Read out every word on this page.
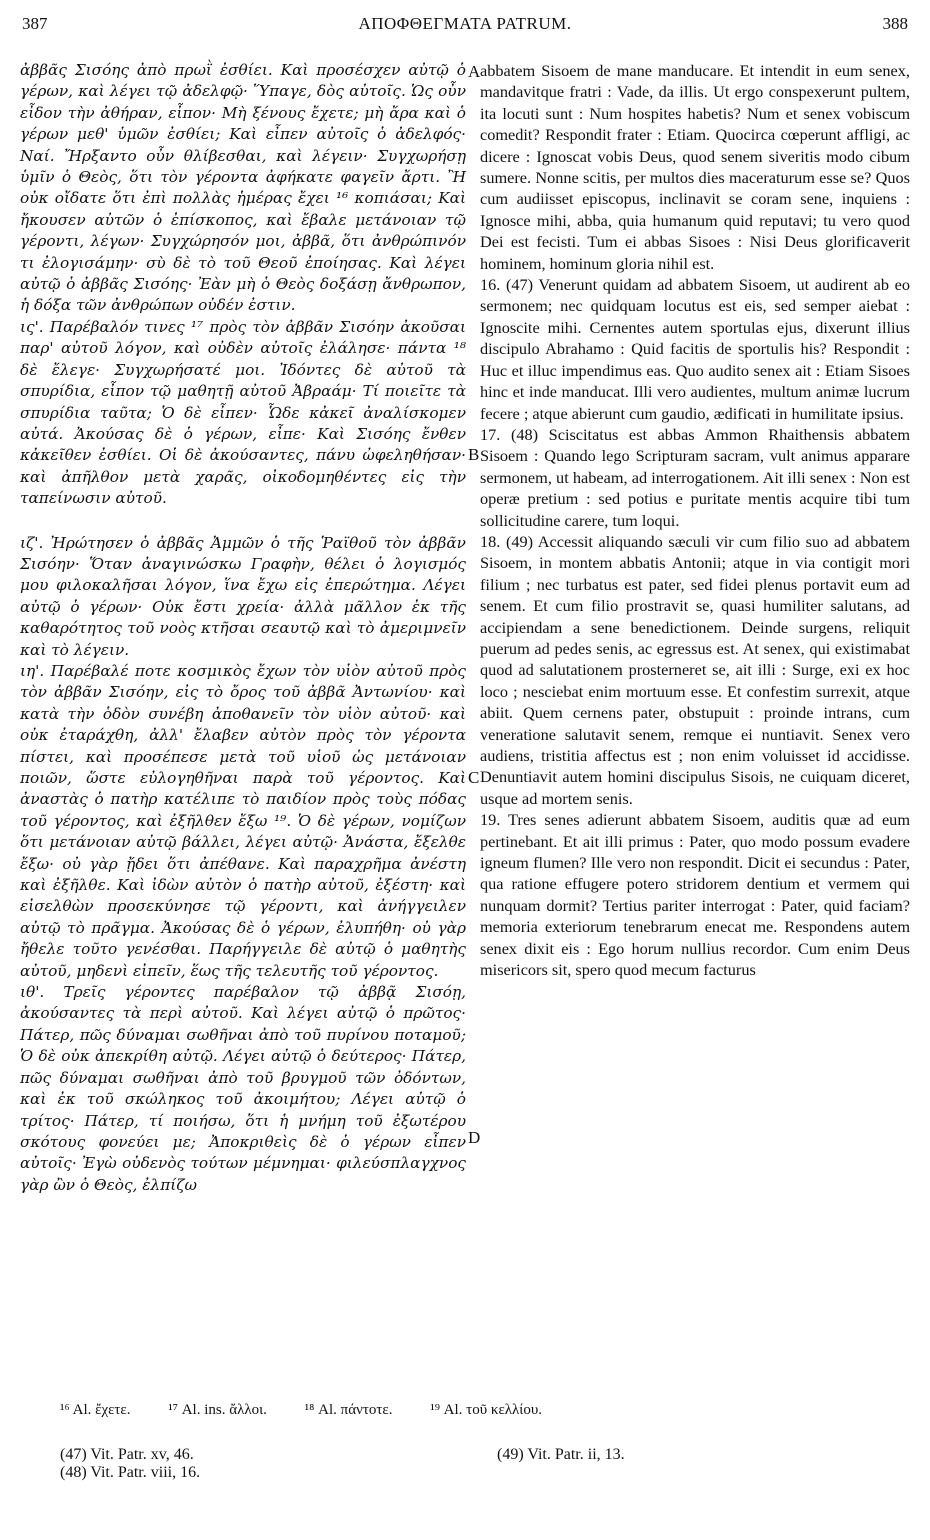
387	ΑΠΟΦΘΕΓΜΑΤΑ PATRUM.	388
ἀββᾶς Σισόης ἀπὸ πρωῒ ἐσθίει. Καὶ προσέσχεν αὐτῷ ὁ γέρων, καὶ λέγει τῷ ἀδελφῷ· Ὕπαγε, δὸς αὐτοῖς. Ὡς οὖν εἶδον τὴν ἀθήραν, εἶπον· Μὴ ξένους ἔχετε; μὴ ἄρα καὶ ὁ γέρων μεθ' ὑμῶν ἐσθίει; Καὶ εἶπεν αὐτοῖς ὁ ἀδελφός· Ναί. Ἤρξαντο οὖν θλίβεσθαι, καὶ λέγειν· Συγχωρήσῃ ὑμῖν ὁ Θεὸς, ὅτι τὸν γέροντα ἀφήκατε φαγεῖν ἄρτι. Ἢ οὐκ οἴδατε ὅτι ἐπὶ πολλὰς ἡμέρας ἔχει ¹⁶ κοπιάσαι; Καὶ ἤκουσεν αὐτῶν ὁ ἐπίσκοπος, καὶ ἔβαλε μετάνοιαν τῷ γέροντι, λέγων· Συγχώρησόν μοι, ἀββᾶ, ὅτι ἀνθρώπινόν τι ἐλογισάμην· σὺ δὲ τὸ τοῦ Θεοῦ ἐποίησας. Καὶ λέγει αὐτῷ ὁ ἀββᾶς Σισόης· Ἐὰν μὴ ὁ Θεὸς δοξάσῃ ἄνθρωπον, ἡ δόξα τῶν ἀνθρώπων οὐδέν ἐστιν.
ις'. Παρέβαλόν τινες ¹⁷ πρὸς τὸν ἀββᾶν Σισόην ἀκοῦσαι παρ' αὐτοῦ λόγον, καὶ οὐδὲν αὐτοῖς ἐλάλησε· πάντα ¹⁸ δὲ ἔλεγε· Συγχωρήσατέ μοι. Ἰδόντες δὲ αὐτοῦ τὰ σπυρίδια, εἶπον τῷ μαθητῇ αὐτοῦ Ἀβραάμ· Τί ποιεῖτε τὰ σπυρίδια ταῦτα; Ὁ δὲ εἶπεν· Ὧδε κἀκεῖ ἀναλίσκομεν αὐτά. Ἀκούσας δὲ ὁ γέρων, εἶπε· Καὶ Σισόης ἔνθεν κἀκεῖθεν ἐσθίει. Οἱ δὲ ἀκούσαντες, πάνυ ὠφεληθήσαν· καὶ ἀπῆλθον μετὰ χαρᾶς, οἰκοδομηθέντες εἰς τὴν ταπείνωσιν αὐτοῦ.
ιζ'. Ἠρώτησεν ὁ ἀββᾶς Ἀμμῶν ὁ τῆς Ῥαϊθοῦ τὸν ἀββᾶν Σισόην· Ὅταν ἀναγινώσκω Γραφὴν, θέλει ὁ λογισμός μου φιλοκαλῆσαι λόγον, ἵνα ἔχω εἰς ἐπερώτημα. Λέγει αὐτῷ ὁ γέρων· Οὐκ ἔστι χρεία· ἀλλὰ μᾶλλον ἐκ τῆς καθαρότητος τοῦ νοὸς κτῆσαι σεαυτῷ καὶ τὸ ἀμεριμνεῖν καὶ τὸ λέγειν.
ιη'. Παρέβαλέ ποτε κοσμικὸς ἔχων τὸν υἱὸν αὐτοῦ πρὸς τὸν ἀββᾶν Σισόην, εἰς τὸ ὄρος τοῦ ἀββᾶ Ἀντωνίου· καὶ κατὰ τὴν ὁδὸν συνέβη ἀποθανεῖν τὸν υἱὸν αὐτοῦ· καὶ οὐκ ἐταράχθη, ἀλλ' ἔλαβεν αὐτὸν πρὸς τὸν γέροντα πίστει, καὶ προσέπεσε μετὰ τοῦ υἱοῦ ὡς μετάνοιαν ποιῶν, ὥστε εὐλογηθῆναι παρὰ τοῦ γέροντος. Καὶ ἀναστὰς ὁ πατὴρ κατέλιπε τὸ παιδίον πρὸς τοὺς πόδας τοῦ γέροντος, καὶ ἐξῆλθεν ἔξω ¹⁹. Ὁ δὲ γέρων, νομίζων ὅτι μετάνοιαν αὐτῷ βάλλει, λέγει αὐτῷ· Ἀνάστα, ἔξελθε ἔξω· οὐ γὰρ ᾔδει ὅτι ἀπέθανε. Καὶ παραχρῆμα ἀνέστη καὶ ἐξῆλθε. Καὶ ἰδὼν αὐτὸν ὁ πατὴρ αὐτοῦ, ἐξέστη· καὶ εἰσελθὼν προσεκύνησε τῷ γέροντι, καὶ ἀνήγγειλεν αὐτῷ τὸ πρᾶγμα. Ἀκούσας δὲ ὁ γέρων, ἐλυπήθη· οὐ γὰρ ἤθελε τοῦτο γενέσθαι. Παρήγγειλε δὲ αὐτῷ ὁ μαθητὴς αὐτοῦ, μηδενὶ εἰπεῖν, ἕως τῆς τελευτῆς τοῦ γέροντος.
ιθ'. Τρεῖς γέροντες παρέβαλον τῷ ἀββᾷ Σισόῃ, ἀκούσαντες τὰ περὶ αὐτοῦ. Καὶ λέγει αὐτῷ ὁ πρῶτος· Πάτερ, πῶς δύναμαι σωθῆναι ἀπὸ τοῦ πυρίνου ποταμοῦ; Ὁ δὲ οὐκ ἀπεκρίθη αὐτῷ. Λέγει αὐτῷ ὁ δεύτερος· Πάτερ, πῶς δύναμαι σωθῆναι ἀπὸ τοῦ βρυγμοῦ τῶν ὀδόντων, καὶ ἐκ τοῦ σκώληκος τοῦ ἀκοιμήτου; Λέγει αὐτῷ ὁ τρίτος· Πάτερ, τί ποιήσω, ὅτι ἡ μνήμη τοῦ ἐξωτέρου σκότους φονεύει με; Ἀποκριθεὶς δὲ ὁ γέρων εἶπεν αὐτοῖς· Ἐγὼ οὐδενὸς τούτων μέμνημαι· φιλεύσπλαγχνος γὰρ ὢν ὁ Θεὸς, ἐλπίζω
A
B
C
D
abbatem Sisoem de mane manducare. Et intendit in eum senex, mandavitque fratri : Vade, da illis. Ut ergo conspexerunt pultem, ita locuti sunt : Num hospites habetis? Num et senex vobiscum comedit? Respondit frater : Etiam. Quocirca cœperunt affligi, ac dicere : Ignoscat vobis Deus, quod senem siveritis modo cibum sumere. Nonne scitis, per multos dies maceraturum esse se? Quos cum audiisset episcopus, inclinavit se coram sene, inquiens : Ignosce mihi, abba, quia humanum quid reputavi; tu vero quod Dei est fecisti. Tum ei abbas Sisoes : Nisi Deus glorificaverit hominem, hominum gloria nihil est.
16. (47) Venerunt quidam ad abbatem Sisoem, ut audirent ab eo sermonem; nec quidquam locutus est eis, sed semper aiebat : Ignoscite mihi. Cernentes autem sportulas ejus, dixerunt illius discipulo Abrahamo : Quid facitis de sportulis his? Respondit : Huc et illuc impendimus eas. Quo audito senex ait : Etiam Sisoes hinc et inde manducat. Illi vero audientes, multum animæ lucrum fecere ; atque abierunt cum gaudio, ædificati in humilitate ipsius.
17. (48) Sciscitatus est abbas Ammon Rhaithensis abbatem Sisoem : Quando lego Scripturam sacram, vult animus apparare sermonem, ut habeam, ad interrogationem. Ait illi senex : Non est operæ pretium : sed potius e puritate mentis acquire tibi tum sollicitudine carere, tum loqui.
18. (49) Accessit aliquando sæculi vir cum filio suo ad abbatem Sisoem, in montem abbatis Antonii; atque in via contigit mori filium ; nec turbatus est pater, sed fidei plenus portavit eum ad senem. Et cum filio prostravit se, quasi humiliter salutans, ad accipiendam a sene benedictionem. Deinde surgens, reliquit puerum ad pedes senis, ac egressus est. At senex, qui existimabat quod ad salutationem prosterneret se, ait illi : Surge, exi ex hoc loco ; nesciebat enim mortuum esse. Et confestim surrexit, atque abiit. Quem cernens pater, obstupuit : proinde intrans, cum veneratione salutavit senem, remque ei nuntiavit. Senex vero audiens, tristitia affectus est ; non enim voluisset id accidisse. Denuntiavit autem homini discipulus Sisois, ne cuiquam diceret, usque ad mortem senis.
19. Tres senes adierunt abbatem Sisoem, auditis quæ ad eum pertinebant. Et ait illi primus : Pater, quo modo possum evadere igneum flumen? Ille vero non respondit. Dicit ei secundus : Pater, qua ratione effugere potero stridorem dentium et vermem qui nunquam dormit? Tertius pariter interrogat : Pater, quid faciam? memoria exteriorum tenebrarum enecat me. Respondens autem senex dixit eis : Ego horum nullius recordor. Cum enim Deus misericors sit, spero quod mecum facturus
¹⁶ Al. ἔχετε.	¹⁷ Al. ins. ἄλλοι.	¹⁸ Al. πάντοτε.	¹⁹ Al. τοῦ κελλίου.
(47) Vit. Patr. xv, 46.
(48) Vit. Patr. viii, 16.
(49) Vit. Patr. ii, 13.
